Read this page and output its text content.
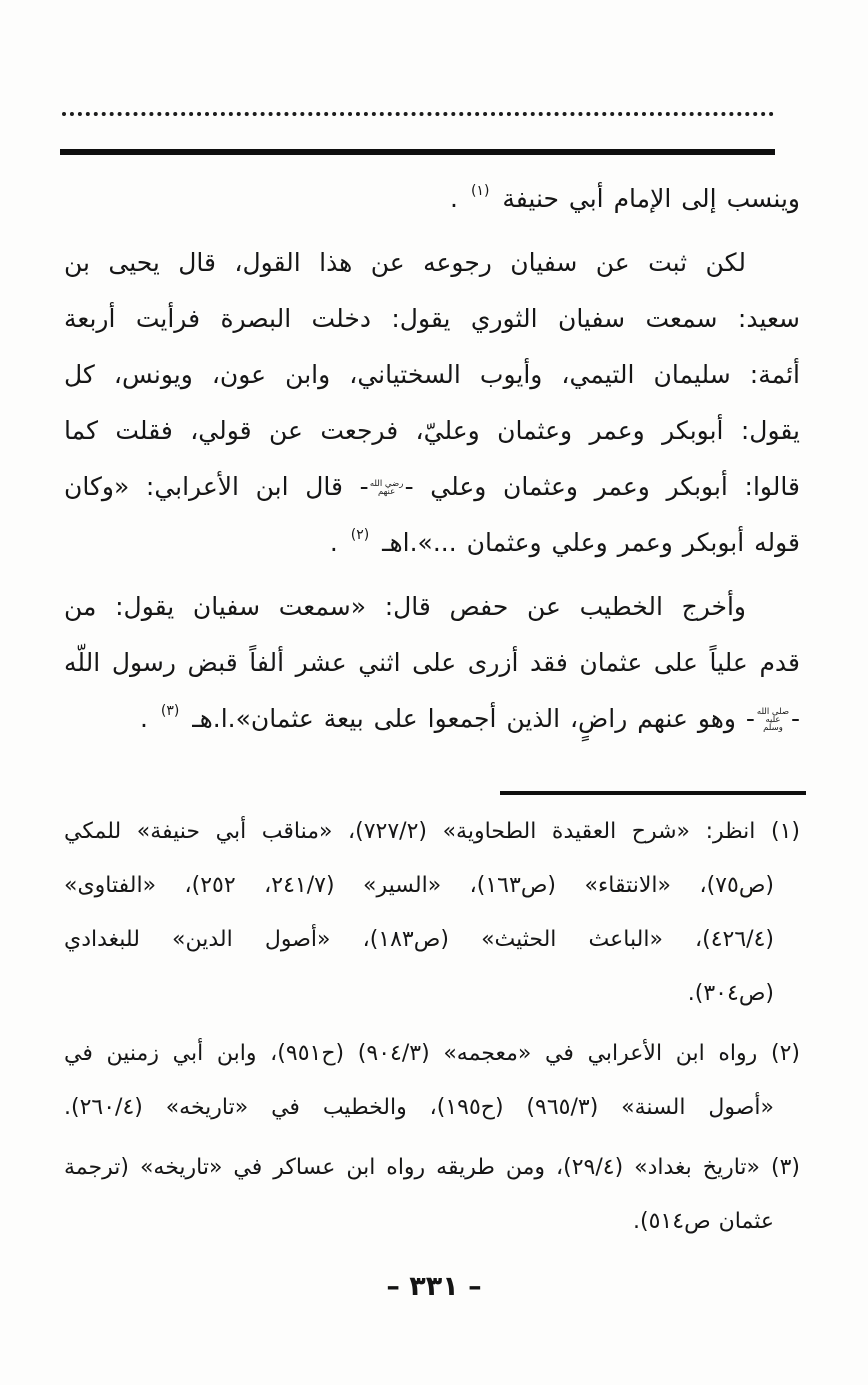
وينسب إلى الإمام أبي حنيفة (١) .
لكن ثبت عن سفيان رجوعه عن هذا القول، قال يحيى بن
سعيد: سمعت سفيان الثوري يقول: دخلت البصرة فرأيت أربعة
أئمة: سليمان التيمي، وأيوب السختياني، وابن عون، ويونس، كل
يقول: أبوبكر وعمر وعثمان وعليّ، فرجعت عن قولي، فقلت كما
قالوا: أبوبكر وعمر وعثمان وعلي -رضي الله عنهم- قال ابن الأعرابي: «وكان
قوله أبوبكر وعمر وعلي وعثمان ...».اهـ (٢) .
وأخرج الخطيب عن حفص قال: «سمعت سفيان يقول: من
قدم علياً على عثمان فقد أزرى على اثني عشر ألفاً قبض رسول اللّه
-صلى الله عليه وسلم- وهو عنهم راضٍ، الذين أجمعوا على بيعة عثمان».ا.هـ (٣) .
(١) انظر: «شرح العقيدة الطحاوية» (٧٢٧/٢)، «مناقب أبي حنيفة» للمكي
(ص٧٥)، «الانتقاء» (ص١٦٣)، «السير» (٢٤١/٧، ٢٥٢)، «الفتاوى»
(٤٢٦/٤)، «الباعث الحثيث» (ص١٨٣)، «أصول الدين» للبغدادي
(ص٣٠٤).
(٢) رواه ابن الأعرابي في «معجمه» (٩٠٤/٣) (ح٩٥١)، وابن أبي زمنين في
«أصول السنة» (٩٦٥/٣) (ح١٩٥)، والخطيب في «تاريخه» (٢٦٠/٤).
(٣) «تاريخ بغداد» (٢٩/٤)، ومن طريقه رواه ابن عساكر في «تاريخه» (ترجمة
عثمان ص٥١٤).
– ٣٣١ –
